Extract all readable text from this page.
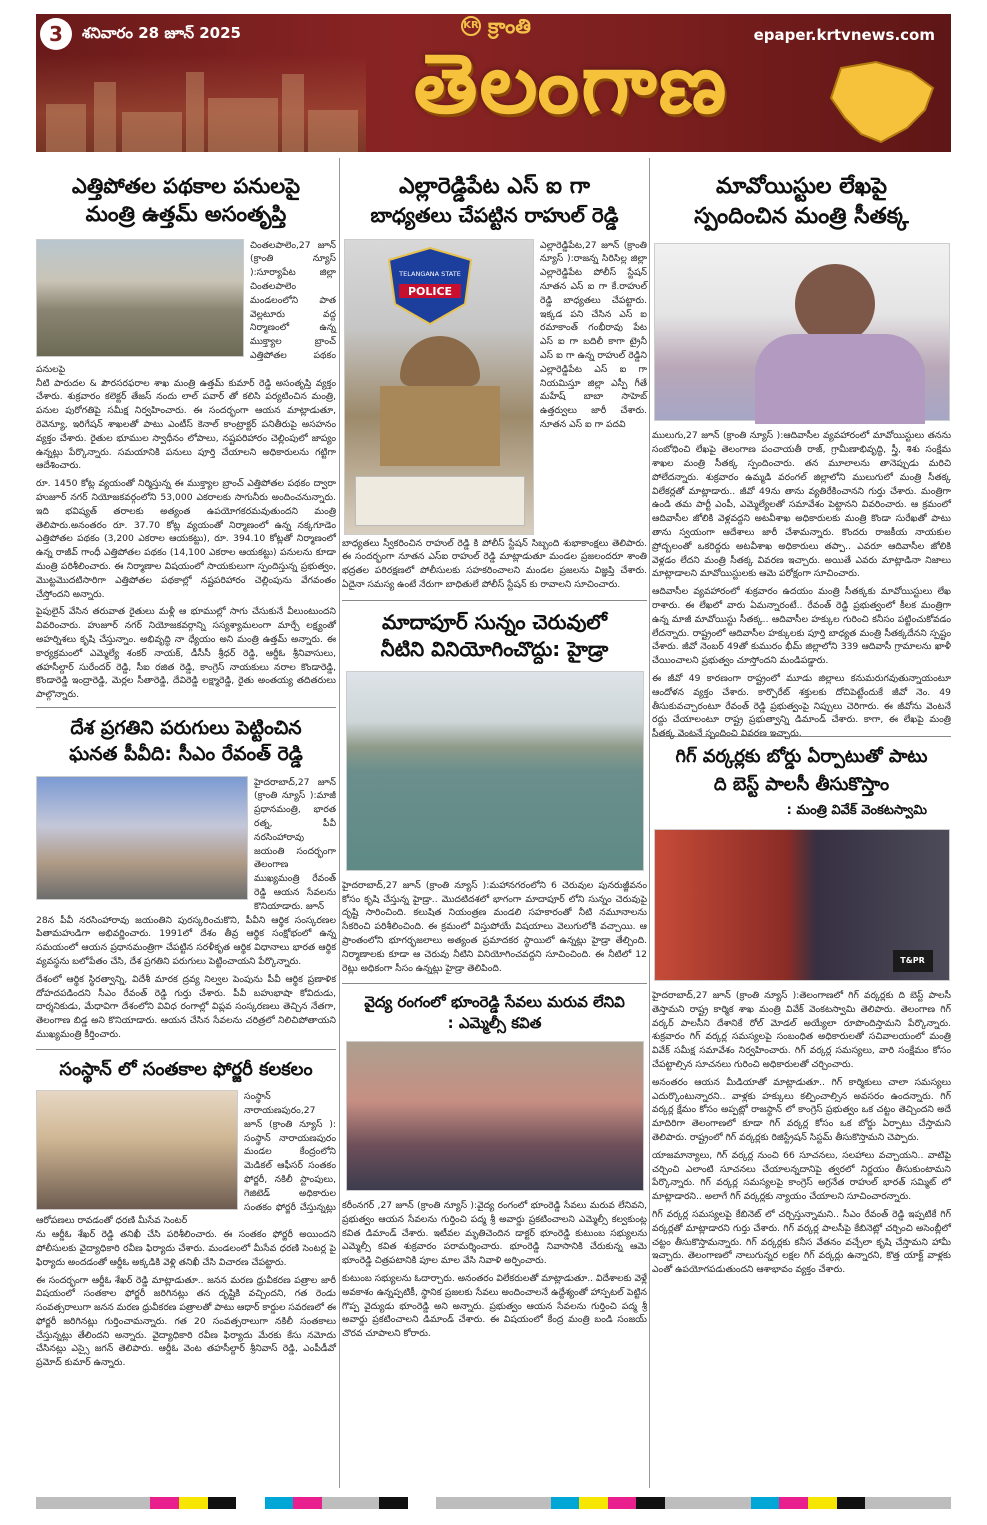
3	శనివారం 28 జూన్ 2025	KR క్రాంతి
తెలంగాణ
epaper.krtvnews.com
ఎత్తిపోతల పథకాల పనులపై
మంత్రి ఉత్తమ్ అసంతృప్తి

చింతలపాలెం,27 జూన్ (క్రాంతి న్యూస్ ):సూర్యాపేట జిల్లా చింతలపాలెం మండలంలోని పాత వెల్లటూరు వద్ద నిర్మాణంలో ఉన్న ముక్త్యాల బ్రాంచ్ ఎత్తిపోతల పథకం పనులపై

నీటి పారుదల & పౌరసరఫరాల శాఖ మంత్రి ఉత్తమ్ కుమార్ రెడ్డి అసంతృప్తి వ్యక్తం చేశారు. శుక్రవారం కలెక్టర్ తేజస్ నందు లాల్ పవార్ తో కలిసి పర్యటించిన మంత్రి, పనుల పురోగతిపై సమీక్ష నిర్వహించారు. ఈ సందర్భంగా ఆయన మాట్లాడుతూ, రెవెన్యూ, ఇరిగేషన్ శాఖలతో పాటు ఎంటీస్ కెనాల్ కాంట్రాక్టర్ పనితీరుపై అసహనం వ్యక్తం చేశారు. రైతుల భూముల స్వాధీనం లోపాలు, నష్టపరిహారం చెల్లింపులో జాప్యం ఉన్నట్లు పేర్కొన్నారు. సమయానికి పనులు పూర్తి చేయాలని అధికారులను గట్టిగా ఆదేశించారు.

రూ. 1450 కోట్ల వ్యయంతో నిర్మిస్తున్న ఈ ముక్త్యాల బ్రాంచ్ ఎత్తిపోతల పథకం ద్వారా హుజూర్ నగర్ నియోజకవర్గంలోని 53,000 ఎకరాలకు సాగునీరు అందించనున్నారు. ఇది భవిష్యత్ తరాలకు అత్యంత ఉపయోగకరమవుతుందని మంత్రి తెలిపారు.అనంతరం రూ. 37.70 కోట్ల వ్యయంతో నిర్మాణంలో ఉన్న నక్కగూడెం ఎత్తిపోతల పథకం (3,200 ఎకరాల ఆయకట్టు), రూ. 394.10 కోట్లతో నిర్మాణంలో ఉన్న రాజీవ్ గాంధీ ఎత్తిపోతల పథకం (14,100 ఎకరాల ఆయకట్టు) పనులను కూడా మంత్రి పరిశీలించారు. ఈ నిర్మాణాల విషయంలో సాయకులుగా స్పందిస్తున్న ప్రభుత్వం, మొట్టమొదటిసారిగా ఎత్తిపోతల పథకాల్లో నష్టపరిహారం చెల్లింపును వేగవంతం చేస్తోందని అన్నారు.

పైపులైన్ వేసిన తరువాత రైతులు మళ్లీ ఆ భూముల్లో సాగు చేసుకునే వీలుంటుందని వివరించారు. హుజూర్ నగర్ నియోజకవర్గాన్ని సస్యశ్యామలంగా మార్చే లక్ష్యంతో అహర్నిశలు కృషి చేస్తున్నాం. అభివృద్ధి నా ధ్యేయం అని మంత్రి ఉత్తమ్ అన్నారు. ఈ కార్యక్రమంలో ఎమ్మెల్యే శంకర్ నాయక్, డీసీసీ శ్రీధర్ రెడ్డి, ఆర్డీఓ శ్రీనివాసులు, తహసీల్దార్ సురేందర్ రెడ్డి, సీఐ రజిత రెడ్డి, కాంగ్రెస్ నాయకులు నరాల కొండారెడ్డి, కొండారెడ్డి ఇంద్రారెడ్డి, మెర్లల సీతారెడ్డి, దేవిరెడ్డి లక్ష్మారెడ్డి, రైతు అంతయ్య తదితరులు పాల్గొన్నారు.

దేశ ప్రగతిని పరుగులు పెట్టించిన
ఘనత పీవీది: సీఎం రేవంత్ రెడ్డి

హైదరాబాద్,27 జూన్ (క్రాంతి న్యూస్ ):మాజీ ప్రధానమంత్రి, భారత రత్న, పీవీ నరసింహారావు జయంతి సందర్భంగా తెలంగాణ ముఖ్యమంత్రి రేవంత్ రెడ్డి ఆయన సేవలను కొనియాడారు. జూన్

28న పీవీ నరసింహారావు జయంతిని పురస్కరించుకొని, పీవీని ఆర్థిక సంస్కరణల పితామహుడిగా అభివర్ణించారు. 1991లో దేశం తీవ్ర ఆర్థిక సంక్షోభంలో ఉన్న సమయంలో ఆయన ప్రధానమంత్రిగా చేపట్టిన సరళీకృత ఆర్థిక విధానాలు భారత ఆర్థిక వ్యవస్థను బలోపేతం చేసి, దేశ ప్రగతిని పరుగులు పెట్టించాయని పేర్కొన్నారు.

దేశంలో ఆర్థిక స్థిరత్వాన్ని, విదేశీ మారక ద్రవ్య నిల్వల పెంపును పీవీ ఆర్థిక ప్రణాళిక దోహదపడిందని సీఎం రేవంత్ రెడ్డి గుర్తు చేశారు. పీవీ బహుభాషా కోవిదుడు, దార్శనికుడు, మేధావిగా దేశంలోని వివిధ రంగాల్లో విప్లవ సంస్కరణలు తెచ్చిన నేతగా, తెలంగాణ బిడ్డ అని కొనియాడారు. ఆయన చేసిన సేవలను చరిత్రలో నిలిచిపోతాయని ముఖ్యమంత్రి కీర్తించారు.

సంస్థాన్ లో సంతకాల ఫోర్జరీ కలకలం

సంస్థాన్ నారాయణపురం,27 జూన్ (క్రాంతి న్యూస్ ): సంస్థాన్ నారాయణపురం మండల కేంద్రంలోని మెడికల్ ఆఫీసర్ సంతకం ఫోర్జరీ, నకిలీ స్టాంపులు, గెజిటెడ్ అధికారుల సంతకం ఫోర్జరీ చేస్తున్నట్లు ఆరోపణలు రావడంతో ధరణి మీసేవ సెంటర్

ను ఆర్డీఓ శేఖర్ రెడ్డి తనిఖీ చేసి పరిశీలించారు. ఈ సంతకం ఫోర్జరీ అయిందని పోలీసులకు వైద్యాధికారి రవీణ ఫిర్యాదు చేశారు. మండలంలో మీసేవ ధరణి సెంటర్ల పై ఫిర్యాదు అందడంతో ఆర్డీఓ అక్కడికి వెళ్లి తనిఖీ చేసి విచారణ చేపట్టారు.

ఈ సందర్భంగా ఆర్డీఓ శేఖర్ రెడ్డి మాట్లాడుతూ.. జనన మరణ ధ్రువీకరణ పత్రాల జారీ విషయంలో సంతకాల ఫోర్జరీ జరిగినట్లు తన దృష్టికి వచ్చిందని, గత రెండు సంవత్సరాలుగా జనన మరణ ధ్రువీకరణ పత్రాలతో పాటు ఆధార్ కార్డుల సవరణలో ఈ ఫోర్జరీ జరిగినట్లు గుర్తించామన్నారు. గత 20 సంవత్సరాలుగా నకిలీ సంతకాలు చేస్తున్నట్లు తేలిందని అన్నారు. వైద్యాధికారి రవీణ ఫిర్యాదు మేరకు కేసు నమోదు చేసినట్లు ఎస్సై జగన్ తెలిపారు. ఆర్డీఓ వెంట తహసీల్దార్ శ్రీనివాస్ రెడ్డి, ఎంపీడీవో ప్రమోద్ కుమార్ ఉన్నారు.

ఎల్లారెడ్డిపేట ఎస్ ఐ గా
బాధ్యతలు చేపట్టిన రాహుల్ రెడ్డి
TELANGANA STATE
POLICE

ఎల్లారెడ్డిపేట,27 జూన్ (క్రాంతి న్యూస్ ):రాజన్న సిరిసిల్ల జిల్లా ఎల్లారెడ్డిపేట పోలీస్ స్టేషన్ నూతన ఎస్ ఐ గా కే.రాహుల్ రెడ్డి బాధ్యతలు చేపట్టారు. ఇక్కడ పని చేసిన ఎస్ ఐ రమాకాంత్ గంభీరావు పేట ఎస్ ఐ గా బదిలీ కాగా ట్రైనీ ఎస్ ఐ గా ఉన్న రాహుల్ రెడ్డిని ఎల్లారెడ్డిపేట ఎస్ ఐ గా నియమిస్తూ జిల్లా ఎస్పీ గీతే మహేష్ బాబా సాహెబ్ ఉత్తర్వులు జారీ చేశారు. నూతన ఎస్ ఐ గా పదవి

బాధ్యతలు స్వీకరించిన రాహుల్ రెడ్డి కి పోలీస్ స్టేషన్ సిబ్బంది శుభాకాంక్షలు తెలిపారు. ఈ సందర్భంగా నూతన ఎస్ఐ రాహుల్ రెడ్డి మాట్లాడుతూ మండల ప్రజలందరూ శాంతి భద్రతల పరిరక్షణలో పోలీసులకు సహకరించాలని మండల ప్రజలను విజ్ఞప్తి చేశారు. ఏదైనా సమస్య ఉంటే నేరుగా బాధితులే పోలీస్ స్టేషన్ కు రావాలని సూచించారు.

మాదాపూర్ సున్నం చెరువులో
నీటిని వినియోగించొద్దు: హైడ్రా

హైదరాబాద్,27 జూన్ (క్రాంతి న్యూస్ ):మహానగరంలోని 6 చెరువుల పునరుజ్జీవనం కోసం కృషి చేస్తున్న హైడ్రా.. మొదటిదశలో భాగంగా మాదాపూర్ లోని సున్నం చెరువుపై దృష్టి సారించింది. కలుషిత నియంత్రణ మండలి సహకారంతో నీటి నమూనాలను సేకరించి పరిశీలించింది. ఈ క్రమంలో విస్తుపోయే విషయాలు వెలుగులోకి వచ్చాయి. ఆ ప్రాంతంలోని భూగర్భజలాలు అత్యంత ప్రమాదకర స్థాయిలో ఉన్నట్లు హైడ్రా తేల్చింది. నిర్మాణాలకు కూడా ఆ చెరువు నీటిని వినియోగించవద్దని సూచించింది. ఈ నీటిలో 12 రెట్లు అధికంగా సీసం ఉన్నట్లు హైడ్రా తెలిపింది.

వైద్య రంగంలో భూంరెడ్డి సేవలు మరువ లేనివి
: ఎమ్మెల్సీ కవిత

కరీంనగర్ ,27 జూన్ (క్రాంతి న్యూస్ ):వైద్య రంగంలో భూంరెడ్డి సేవలు మరువ లేనివని, ప్రభుత్వం ఆయన సేవలను గుర్తించి పద్మ శ్రీ అవార్డు ప్రకటించాలని ఎమ్మెల్సీ కల్వకుంట్ల కవిత డిమాండ్ చేశారు. ఇటీవల మృతిచెందిన డాక్టర్ భూంరెడ్డి కుటుంబ సభ్యులను ఎమ్మెల్సీ కవిత శుక్రవారం పరామర్శించారు. భూంరెడ్డి నివాసానికి చేరుకున్న ఆమె భూంరెడ్డి చిత్రపటానికి పూల మాల వేసి నివాళి అర్పించారు.

కుటుంబ సభ్యులను ఓదార్చారు. అనంతరం విలేకరులతో మాట్లాడుతూ.. విదేశాలకు వెళ్లే అవకాశం ఉన్నప్పటికీ, స్థానిక ప్రజలకు సేవలు అందించాలనే ఉద్దేశ్యంతో హాస్పటల్ పెట్టిన గొప్ప వైద్యుడు భూంరెడ్డి అని అన్నారు. ప్రభుత్వం ఆయన సేవలను గుర్తించి పద్మ శ్రీ అవార్డు ప్రకటించాలని డిమాండ్ చేశారు. ఈ విషయంలో కేంద్ర మంత్రి బండి సంజయ్ చొరవ చూపాలని కోరారు.

మావోయిస్టుల లేఖపై
స్పందించిన మంత్రి సీతక్క

ములుగు,27 జూన్ (క్రాంతి న్యూస్ ):ఆదివాసీల వ్యవహారంలో మావోయిస్టులు తనను సంబోధించి లేఖపై తెలంగాణ పంచాయతీ రాజ్, గ్రామీణాభివృద్ధి, స్త్రీ, శిశు సంక్షేమ శాఖల మంత్రి సీతక్క స్పందించారు. తన మూలాలను తానెప్పుడు మరిచి పోలేదన్నారు. శుక్రవారం ఉమ్మడి వరంగల్ జిల్లాలోని ములుగులో మంత్రి సీతక్క విలేకర్లతో మాట్లాడారు.. జీవో 49ను తాను వ్యతిరేకించానని గుర్తు చేశారు. మంత్రిగా ఉండి తమ పార్టీ ఎంపీ, ఎమ్మెల్యేలతో సమావేశం పెట్టానని వివరించారు. ఆ క్రమంలో ఆదివాసీల జోలికి వెళ్లవద్దని అటవీశాఖ అధికారులకు మంత్రి కొండా సురేఖతో పాటు తాను స్వయంగా ఆదేశాలు జారీ చేశామన్నారు. కొందరు రాజకీయ నాయకుల ప్రోద్బలంతో ఒకరిద్దరు అటవీశాఖ అధికారులు తప్పా.. ఎవరూ ఆదివాసీల జోలికి వెళ్లడం లేదని మంత్రి సీతక్క వివరణ ఇచ్చారు. అయితే ఎవరు మాట్లాడినా నిజాలు మాట్లాడాలని మావోయిస్టులకు ఆమె పరోక్షంగా సూచించారు.

ఆదివాసీల వ్యవహారంలో శుక్రవారం ఉదయం మంత్రి సీతక్కకు మావోయిస్టులు లేఖ రాశారు. ఈ లేఖలో వారు ఏమన్నారంటే.. రేవంత్ రెడ్డి ప్రభుత్వంలో కీలక మంత్రిగా ఉన్న మాజీ మావోయిస్టు సీతక్క.. ఆదివాసీల హక్కుల గురించి కనీసం పట్టించుకోవడం లేదన్నారు. రాష్ట్రంలో ఆదివాసీల హక్కులకు పూర్తి బాధ్యత మంత్రి సీతక్కదేనని స్పష్టం చేశారు. జీవో నెంబర్ 49తో కుమురం భీమ్ జిల్లాలోని 339 ఆదివాసీ గ్రామాలను ఖాళీ చేయించాలని ప్రభుత్వం చూస్తోందని మండిపడ్డారు.

ఈ జీవో 49 కారణంగా రాష్ట్రంలో మూడు జిల్లాలు కనుమరుగవుతున్నాయంటూ ఆందోళన వ్యక్తం చేశారు. కార్పొరేట్ శక్తులకు దోచిపెట్టేందుకే జీవో నెం. 49 తీసుకువచ్చారంటూ రేవంత్ రెడ్డి ప్రభుత్వంపై నిప్పులు చెరిగారు. ఈ జీవోను వెంటనే రద్దు చేయాలంటూ రాష్ట్ర ప్రభుత్వాన్ని డిమాండ్ చేశారు. కాగా, ఈ లేఖపై మంత్రి సీతక్క వెంటనే స్పందించి వివరణ ఇచ్చారు.

గిగ్ వర్కర్లకు బోర్డు ఏర్పాటుతో పాటు
ది బెస్ట్ పాలసీ తీసుకొస్తాం
: మంత్రి వివేక్ వెంకటస్వామి
T&PR

హైదరాబాద్,27 జూన్ (క్రాంతి న్యూస్ ):తెలంగాణలో గిగ్ వర్కర్లకు ది బెస్ట్ పాలసీ తెస్తామని రాష్ట్ర కార్మిక శాఖ మంత్రి వివేక్ వెంకటస్వామి తెలిపారు. తెలంగాణ గిగ్ వర్కర్ పాలసీని దేశానికే రోల్ మోడల్ అయ్యేలా రూపొందిస్తామని పేర్కొన్నారు. శుక్రవారం గిగ్ వర్కర్ల సమస్యలపై సంబంధిత అధికారులతో సచివాలయంలో మంత్రి వివేక్ సమీక్ష సమావేశం నిర్వహించారు. గిగ్ వర్కర్ల సమస్యలు, వారి సంక్షేమం కోసం చేపట్టాల్సిన సూచనలు గురించి అధికారులతో చర్చించారు.

అనంతరం ఆయన మీడియాతో మాట్లాడుతూ.. గిగ్ కార్మికులు చాలా సమస్యలు ఎదుర్కొంటున్నారని.. వాళ్లకు హక్కులు కల్పించాల్సిన అవసరం ఉందన్నారు. గిగ్ వర్కర్ల క్షేమం కోసం అప్పట్లో రాజస్థాన్ లో కాంగ్రెస్ ప్రభుత్వం ఒక చట్టం తెచ్చిందని అదే మాదిరిగా తెలంగాణలో కూడా గిగ్ వర్కర్ల కోసం ఒక బోర్డు ఏర్పాటు చేస్తామని తెలిపారు. రాష్ట్రంలో గిగ్ వర్కర్లకు రిజిస్ట్రేషన్ సిస్టమ్ తీసుకొస్తామని చెప్పారు.

యాజమాన్యాలు, గిగ్ వర్కర్ల నుంచి 66 సూచనలు, సలహాలు వచ్చాయని.. వాటిపై చర్చించి ఎలాంటి సూచనలు చేయాలన్నదానిపై త్వరలో నిర్ణయం తీసుకుంటామని పేర్కొన్నారు. గిగ్ వర్కర్ల సమస్యలపై కాంగ్రెస్ అగ్రనేత రాహుల్ భారత్ సమ్మిట్ లో మాట్లాడారని.. అలాగే గిగ్ వర్కర్లకు న్యాయం చేయాలని సూచించారన్నారు.

గిగ్ వర్కర్ల సమస్యలపై కేబినెట్ లో చర్చిస్తున్నామని.. సీఎం రేవంత్ రెడ్డి ఇప్పటికే గిగ్ వర్కర్లతో మాట్లాడారని గుర్తు చేశారు. గిగ్ వర్కర్ల పాలసీపై కేబినెట్లో చర్చించి అసెంబ్లీలో చట్టం తీసుకొస్తామన్నారు. గిగ్ వర్కర్లకు కనీస వేతనం వచ్చేలా కృషి చేస్తామని హామీ ఇచ్చారు. తెలంగాణలో నాలుగున్నర లక్షల గిగ్ వర్కర్లు ఉన్నారని, కొత్త యాక్ట్ వాళ్లకు ఎంతో ఉపయోగపడుతుందని ఆశాభావం వ్యక్తం చేశారు.
